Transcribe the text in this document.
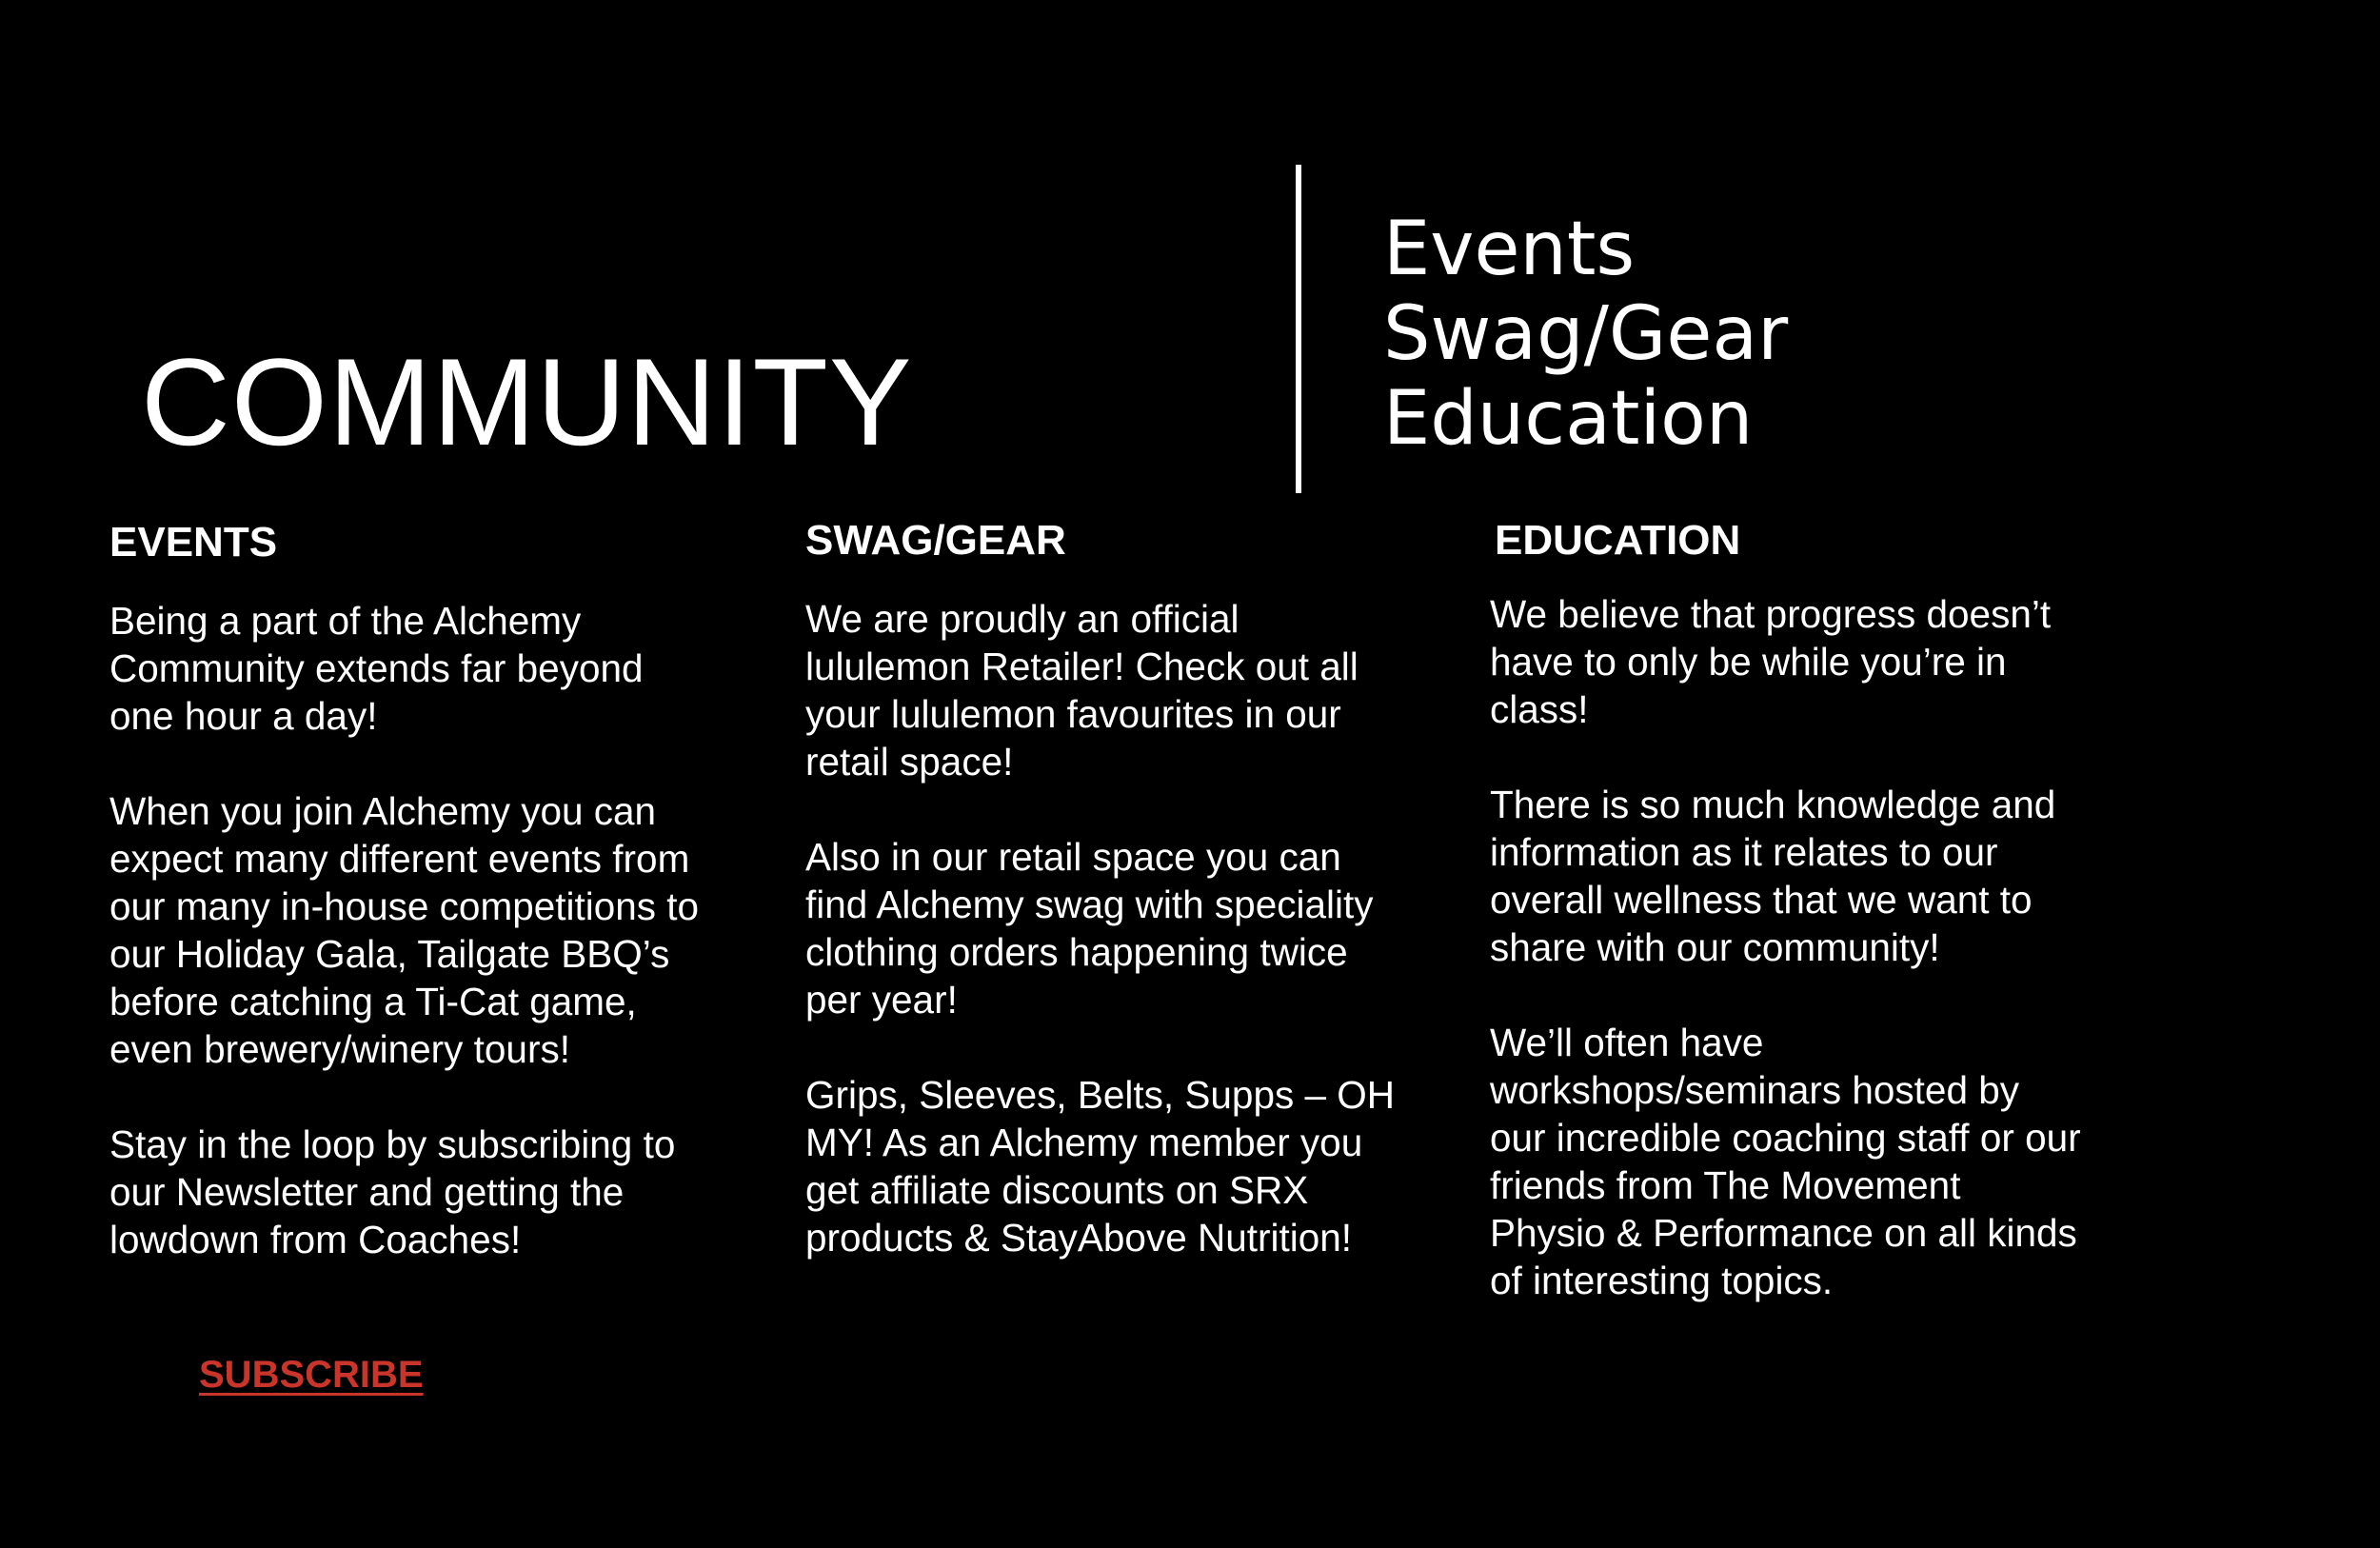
COMMUNITY
Events
Swag/Gear
Education
EVENTS

Being a part of the Alchemy
Community extends far beyond
one hour a day!

When you join Alchemy you can
expect many different events from
our many in-house competitions to
our Holiday Gala, Tailgate BBQ’s
before catching a Ti-Cat game,
even brewery/winery tours!

Stay in the loop by subscribing to
our Newsletter and getting the
lowdown from Coaches!

SWAG/GEAR

We are proudly an official
lululemon Retailer! Check out all
your lululemon favourites in our
retail space!

Also in our retail space you can
find Alchemy swag with speciality
clothing orders happening twice
per year!

Grips, Sleeves, Belts, Supps – OH
MY! As an Alchemy member you
get affiliate discounts on SRX
products & StayAbove Nutrition!

EDUCATION

We believe that progress doesn’t
have to only be while you’re in
class!

There is so much knowledge and
information as it relates to our
overall wellness that we want to
share with our community!

We’ll often have
workshops/seminars hosted by
our incredible coaching staff or our
friends from The Movement
Physio & Performance on all kinds
of interesting topics.

SUBSCRIBE
